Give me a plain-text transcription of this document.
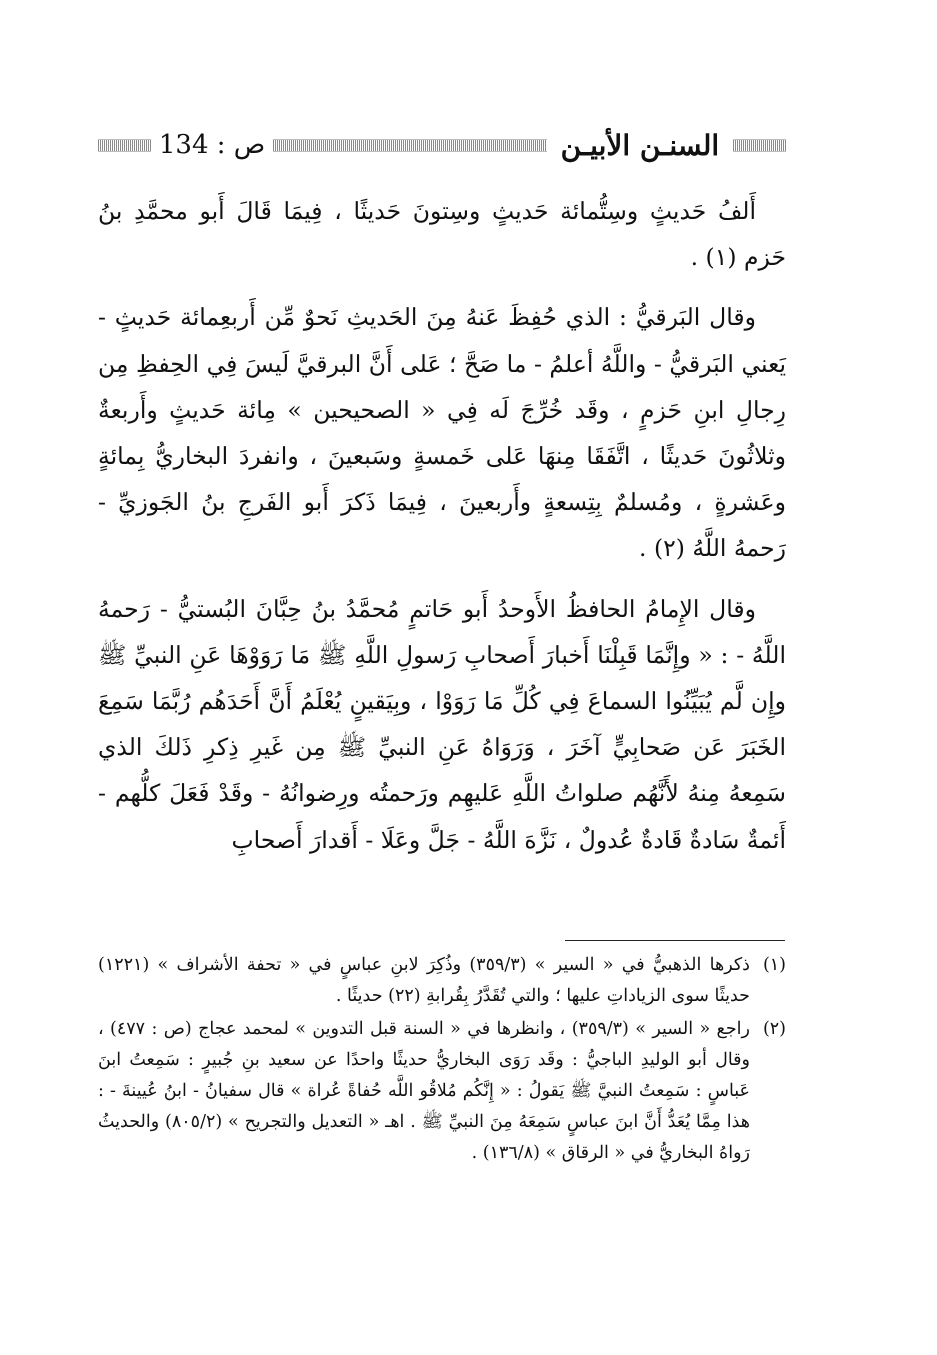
ص : 134	السنـن الأبيـن

أَلفُ حَديثٍ وسِتُّمائة حَديثٍ وسِتونَ حَديثًا ، فِيمَا قَالَ أَبو محمَّدِ بنُ حَزم (١) .

وقال البَرقيُّ : الذي حُفِظَ عَنهُ مِنَ الحَديثِ نَحوٌ مِّن أَربعِمائة حَديثٍ - يَعني البَرقيُّ - واللَّهُ أعلمُ - ما صَحَّ ؛ عَلى أَنَّ البرقيَّ لَيسَ فِي الحِفظِ مِن رِجالِ ابنِ حَزمٍ ، وقَد خُرِّجَ لَه فِي « الصحيحين » مِائة حَديثٍ وأَربعةٌ وثلاثُونَ حَديثًا ، اتَّفَقَا مِنهَا عَلى خَمسةٍ وسَبعينَ ، وانفردَ البخاريُّ بِمائةٍ وعَشرةٍ ، ومُسلمٌ بِتِسعةٍ وأَربعينَ ، فِيمَا ذَكرَ أَبو الفَرجِ بنُ الجَوزيِّ - رَحمهُ اللَّهُ (٢) .

وقال الإِمامُ الحافظُ الأَوحدُ أَبو حَاتمٍ مُحمَّدُ بنُ حِبَّانَ البُستيُّ - رَحمهُ اللَّهُ - : « وإِنَّمَا قَبِلْنَا أَخبارَ أَصحابِ رَسولِ اللَّهِ ﷺ مَا رَوَوْهَا عَنِ النبيِّ ﷺ وإِن لَّم يُبَيِّنُوا السماعَ فِي كُلِّ مَا رَوَوْا ، وبِيَقينٍ يُعْلَمُ أَنَّ أَحَدَهُم رُبَّمَا سَمِعَ الخَبَرَ عَن صَحابِيٍّ آخَرَ ، وَرَوَاهُ عَنِ النبيِّ ﷺ مِن غَيرِ ذِكرِ ذَلكَ الذي سَمِعهُ مِنهُ لأَنَّهُم صلواتُ اللَّهِ عَليهِم ورَحمتُه ورِضوانُهُ - وقَدْ فَعَلَ كلُّهم - أَئمةٌ سَادةٌ قَادةٌ عُدولٌ ، نَزَّهَ اللَّهُ - جَلَّ وعَلَا - أَقدارَ أَصحابِ

(١)
ذكرها الذهبيُّ في « السير » (٣٥٩/٣) وذُكِرَ لابنِ عباسٍ في « تحفة الأشراف » (١٢٢١) حديثًا سوى الزياداتِ عليها ؛ والتي تُقَدَّرُ بِقُرابةِ (٢٢) حديثًا .
(٢)
راجع « السير » (٣٥٩/٣) ، وانظرها في « السنة قبل التدوين » لمحمد عجاج (ص : ٤٧٧) ، وقال أبو الوليدِ الباجيُّ : وقَد رَوَى البخاريُّ حديثًا واحدًا عن سعيد بنِ جُبيرٍ : سَمِعتُ ابنَ عَباسٍ : سَمِعتُ النبيَّ ﷺ يَقولُ : « إِنَّكُم مُلاقُو اللَّه حُفاةً عُراة » قال سفيانُ - ابنُ عُيينةَ - : هذا مِمَّا يُعَدُّ أَنَّ ابنَ عباسٍ سَمِعَهُ مِنَ النبيِّ ﷺ . اهـ « التعديل والتجريح » (٨٠٥/٢) والحديثُ رَواهُ البخاريُّ في « الرقاق » (١٣٦/٨) .
